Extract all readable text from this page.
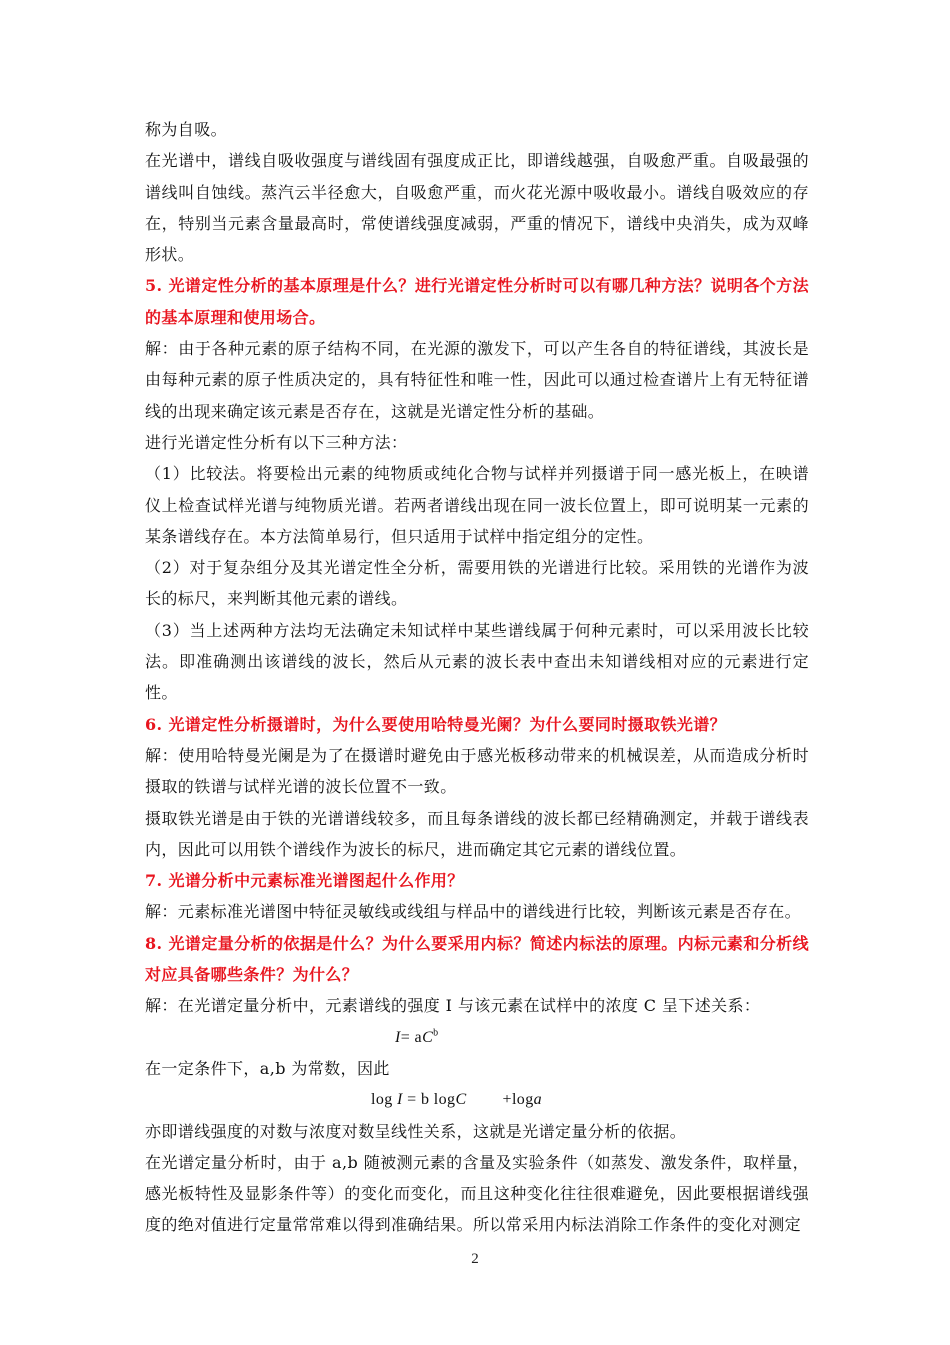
称为自吸。

在光谱中，谱线自吸收强度与谱线固有强度成正比，即谱线越强，自吸愈严重。自吸最强的谱线叫自蚀线。蒸汽云半径愈大，自吸愈严重，而火花光源中吸收最小。谱线自吸效应的存在，特别当元素含量最高时，常使谱线强度减弱，严重的情况下，谱线中央消失，成为双峰形状。

5. 光谱定性分析的基本原理是什么？进行光谱定性分析时可以有哪几种方法？说明各个方法的基本原理和使用场合。

解：由于各种元素的原子结构不同，在光源的激发下，可以产生各自的特征谱线，其波长是由每种元素的原子性质决定的，具有特征性和唯一性，因此可以通过检查谱片上有无特征谱线的出现来确定该元素是否存在，这就是光谱定性分析的基础。

进行光谱定性分析有以下三种方法：

（1）比较法。将要检出元素的纯物质或纯化合物与试样并列摄谱于同一感光板上，在映谱仪上检查试样光谱与纯物质光谱。若两者谱线出现在同一波长位置上，即可说明某一元素的某条谱线存在。本方法简单易行，但只适用于试样中指定组分的定性。

（2）对于复杂组分及其光谱定性全分析，需要用铁的光谱进行比较。采用铁的光谱作为波长的标尺，来判断其他元素的谱线。

（3）当上述两种方法均无法确定未知试样中某些谱线属于何种元素时，可以采用波长比较法。即准确测出该谱线的波长，然后从元素的波长表中查出未知谱线相对应的元素进行定性。

6. 光谱定性分析摄谱时，为什么要使用哈特曼光阑？为什么要同时摄取铁光谱？

解：使用哈特曼光阑是为了在摄谱时避免由于感光板移动带来的机械误差，从而造成分析时摄取的铁谱与试样光谱的波长位置不一致。

摄取铁光谱是由于铁的光谱谱线较多，而且每条谱线的波长都已经精确测定，并载于谱线表内，因此可以用铁个谱线作为波长的标尺，进而确定其它元素的谱线位置。

7. 光谱分析中元素标准光谱图起什么作用？

解：元素标准光谱图中特征灵敏线或线组与样品中的谱线进行比较，判断该元素是否存在。

8. 光谱定量分析的依据是什么？为什么要采用内标？简述内标法的原理。内标元素和分析线对应具备哪些条件？为什么？

解：在光谱定量分析中，元素谱线的强度 I 与该元素在试样中的浓度 C 呈下述关系：

$I= aC^b$

在一定条件下，a,b 为常数，因此

log I = b logC +loga

亦即谱线强度的对数与浓度对数呈线性关系，这就是光谱定量分析的依据。

在光谱定量分析时，由于 a,b 随被测元素的含量及实验条件（如蒸发、激发条件，取样量，感光板特性及显影条件等）的变化而变化，而且这种变化往往很难避免，因此要根据谱线强度的绝对值进行定量常常难以得到准确结果。所以常采用内标法消除工作条件的变化对测定

2
